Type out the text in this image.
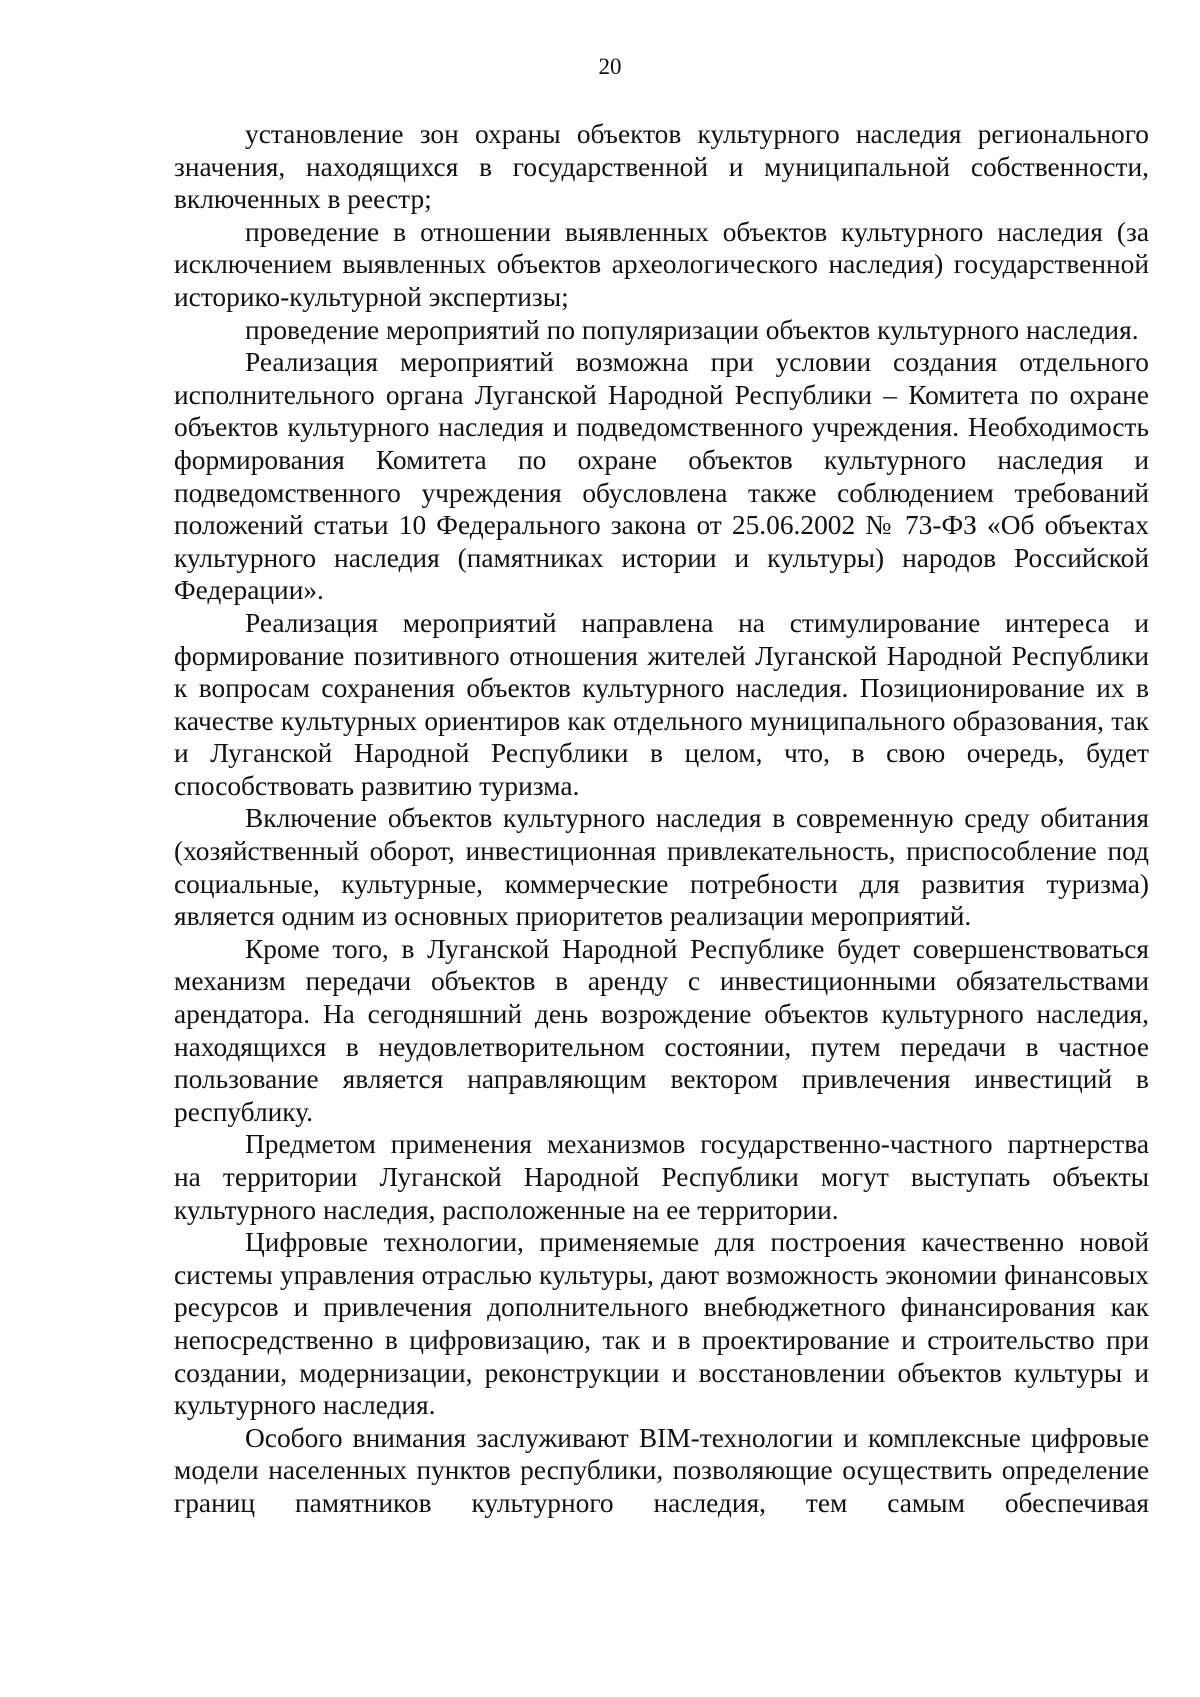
20

установление зон охраны объектов культурного наследия регионального значения, находящихся в государственной и муниципальной собственности, включенных в реестр;

проведение в отношении выявленных объектов культурного наследия (за исключением выявленных объектов археологического наследия) государственной историко-культурной экспертизы;

проведение мероприятий по популяризации объектов культурного наследия.

Реализация мероприятий возможна при условии создания отдельного исполнительного органа Луганской Народной Республики – Комитета по охране объектов культурного наследия и подведомственного учреждения. Необходимость формирования Комитета по охране объектов культурного наследия и подведомственного учреждения обусловлена также соблюдением требований положений статьи 10 Федерального закона от 25.06.2002 № 73-ФЗ «Об объектах культурного наследия (памятниках истории и культуры) народов Российской Федерации».

Реализация мероприятий направлена на стимулирование интереса и формирование позитивного отношения жителей Луганской Народной Республики к вопросам сохранения объектов культурного наследия. Позиционирование их в качестве культурных ориентиров как отдельного муниципального образования, так и Луганской Народной Республики в целом, что, в свою очередь, будет способствовать развитию туризма.

Включение объектов культурного наследия в современную среду обитания (хозяйственный оборот, инвестиционная привлекательность, приспособление под социальные, культурные, коммерческие потребности для развития туризма) является одним из основных приоритетов реализации мероприятий.

Кроме того, в Луганской Народной Республике будет совершенствоваться механизм передачи объектов в аренду с инвестиционными обязательствами арендатора. На сегодняшний день возрождение объектов культурного наследия, находящихся в неудовлетворительном состоянии, путем передачи в частное пользование является направляющим вектором привлечения инвестиций в республику.

Предметом применения механизмов государственно-частного партнерства на территории Луганской Народной Республики могут выступать объекты культурного наследия, расположенные на ее территории.

Цифровые технологии, применяемые для построения качественно новой системы управления отраслью культуры, дают возможность экономии финансовых ресурсов и привлечения дополнительного внебюджетного финансирования как непосредственно в цифровизацию, так и в проектирование и строительство при создании, модернизации, реконструкции и восстановлении объектов культуры и культурного наследия.

Особого внимания заслуживают BIM-технологии и комплексные цифровые модели населенных пунктов республики, позволяющие осуществить определение границ памятников культурного наследия, тем самым обеспечивая
